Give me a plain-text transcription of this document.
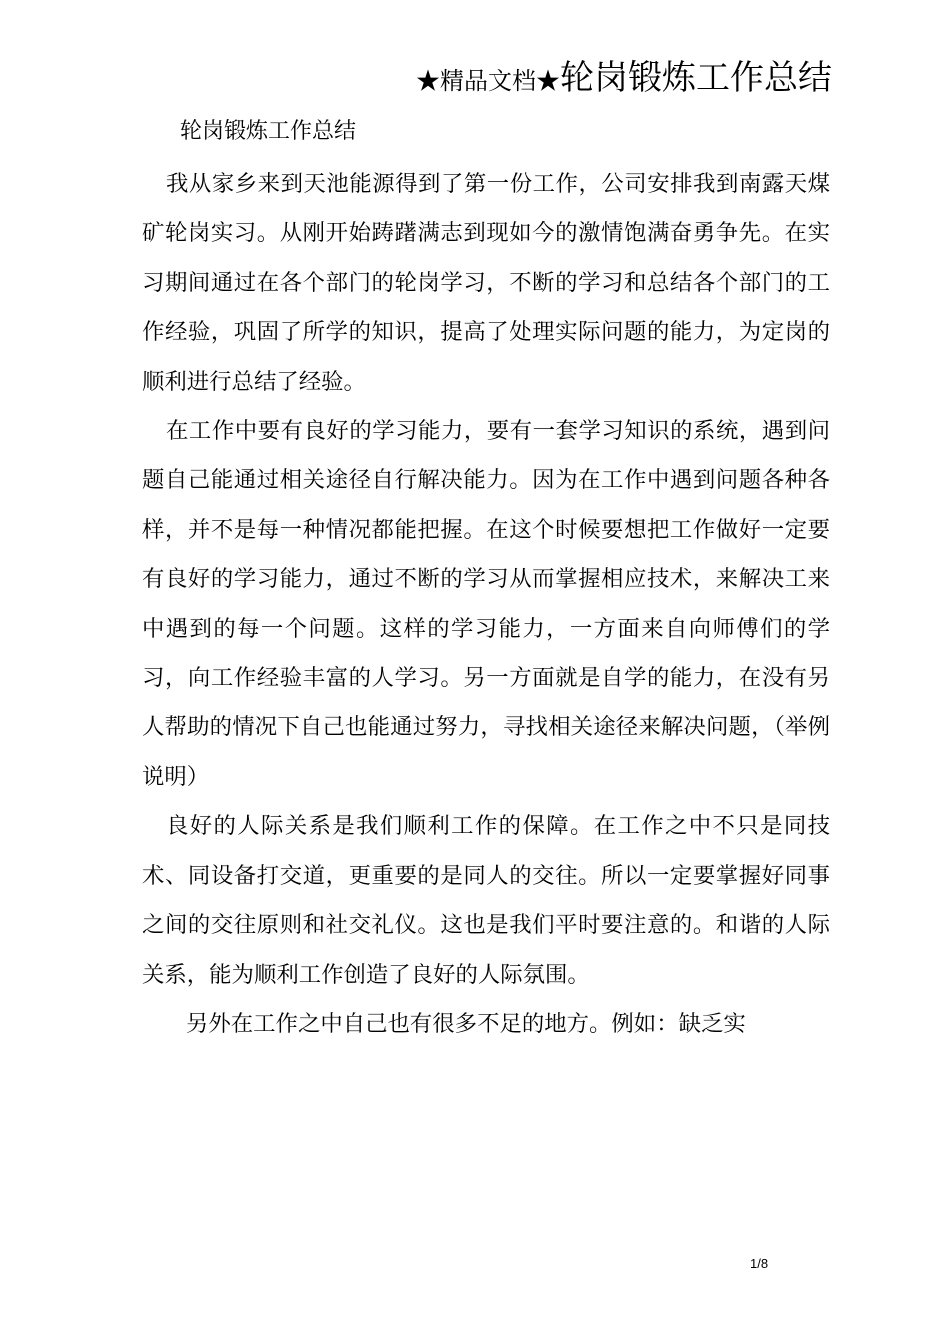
★精品文档★轮岗锻炼工作总结
轮岗锻炼工作总结

我从家乡来到天池能源得到了第一份工作，公司安排我到南露天煤矿轮岗实习。从刚开始踌躇满志到现如今的激情饱满奋勇争先。在实习期间通过在各个部门的轮岗学习，不断的学习和总结各个部门的工作经验，巩固了所学的知识，提高了处理实际问题的能力，为定岗的顺利进行总结了经验。

在工作中要有良好的学习能力，要有一套学习知识的系统，遇到问题自己能通过相关途径自行解决能力。因为在工作中遇到问题各种各样，并不是每一种情况都能把握。在这个时候要想把工作做好一定要有良好的学习能力，通过不断的学习从而掌握相应技术，来解决工来中遇到的每一个问题。这样的学习能力，一方面来自向师傅们的学习，向工作经验丰富的人学习。另一方面就是自学的能力，在没有另人帮助的情况下自己也能通过努力，寻找相关途径来解决问题，（举例说明）

良好的人际关系是我们顺利工作的保障。在工作之中不只是同技术、同设备打交道，更重要的是同人的交往。所以一定要掌握好同事之间的交往原则和社交礼仪。这也是我们平时要注意的。和谐的人际关系，能为顺利工作创造了良好的人际氛围。

另外在工作之中自己也有很多不足的地方。例如：缺乏实

1/8
